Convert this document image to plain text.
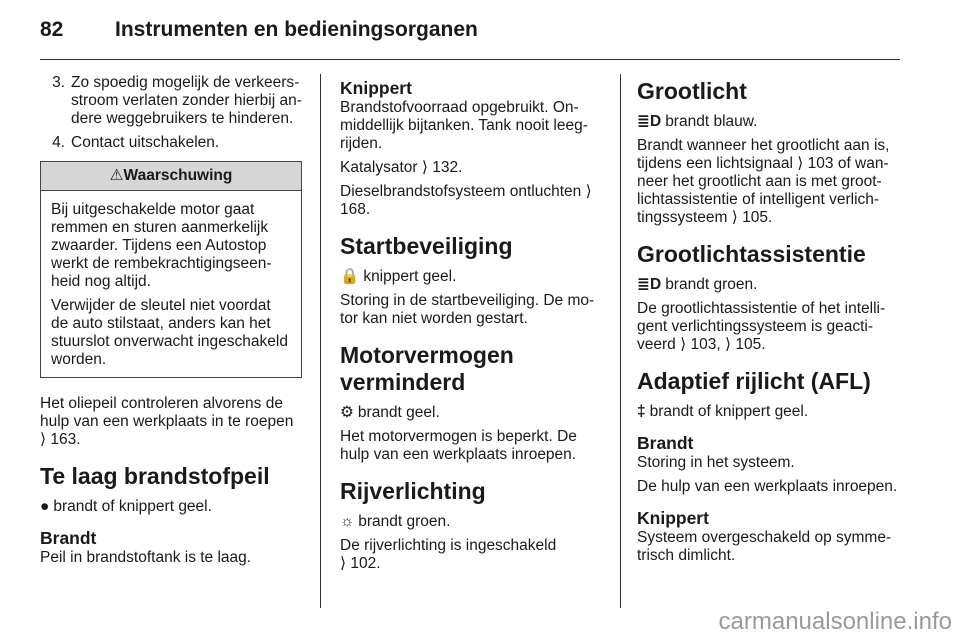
82 Instrumenten en bedieningsorganen
3. Zo spoedig mogelijk de verkeersstroom verlaten zonder hierbij andere weggebruikers te hinderen.
4. Contact uitschakelen.
⚠Waarschuwing

Bij uitgeschakelde motor gaat remmen en sturen aanmerkelijk zwaarder. Tijdens een Autostop werkt de rembekrachtigingseenheid nog altijd.

Verwijder de sleutel niet voordat de auto stilstaat, anders kan het stuurslot onverwacht ingeschakeld worden.

Het oliepeil controleren alvorens de hulp van een werkplaats in te roepen ⟩ 163.

Te laag brandstofpeil

● brandt of knippert geel.

Brandt

Peil in brandstoftank is te laag.

Knippert

Brandstofvoorraad opgebruikt. Onmiddellijk bijtanken. Tank nooit leegrijden.

Katalysator ⟩ 132.

Dieselbrandstofsysteem ontluchten ⟩ 168.

Startbeveiliging

🔒 knippert geel.

Storing in de startbeveiliging. De motor kan niet worden gestart.

Motorvermogen verminderd

⚙ brandt geel.

Het motorvermogen is beperkt. De hulp van een werkplaats inroepen.

Rijverlichting

☼ brandt groen.

De rijverlichting is ingeschakeld
⟩ 102.

Grootlicht

≣D brandt blauw.

Brandt wanneer het grootlicht aan is, tijdens een lichtsignaal ⟩ 103 of wanneer het grootlicht aan is met grootlichtassistentie of intelligent verlichtingssysteem ⟩ 105.

Grootlichtassistentie

≣D brandt groen.

De grootlichtassistentie of het intelligent verlichtingssysteem is geactiveerd ⟩ 103, ⟩ 105.

Adaptief rijlicht (AFL)

‡ brandt of knippert geel.

Brandt

Storing in het systeem.

De hulp van een werkplaats inroepen.

Knippert

Systeem overgeschakeld op symmetrisch dimlicht.

carmanualsonline.info
